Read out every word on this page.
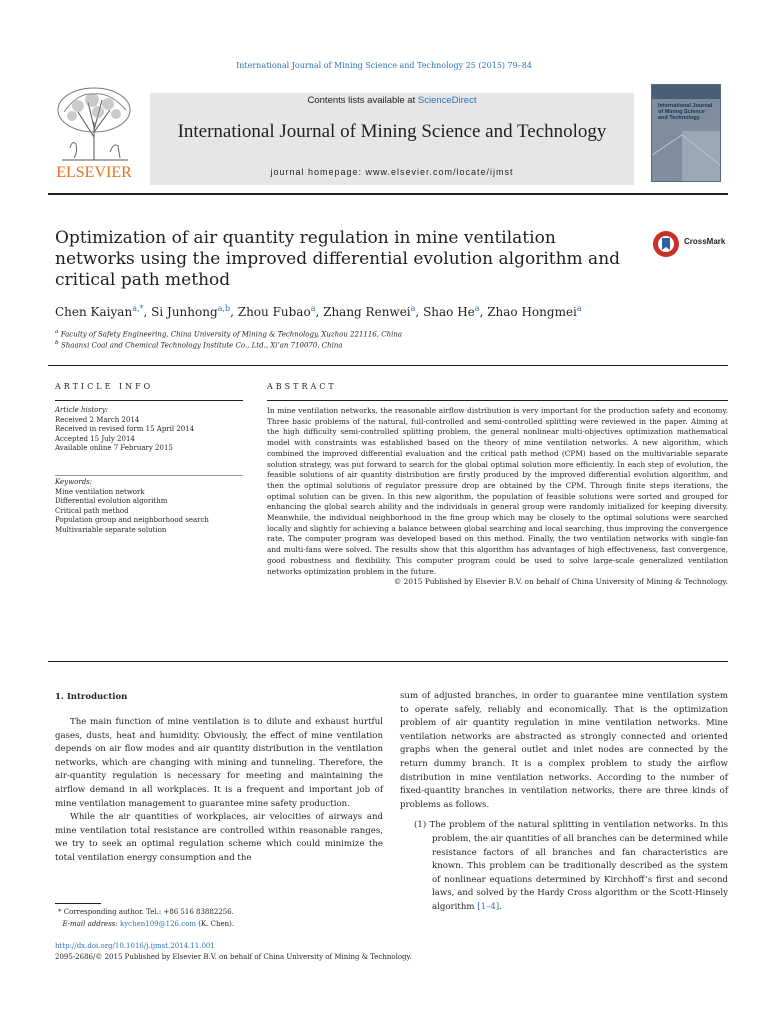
International Journal of Mining Science and Technology 25 (2015) 79–84
ELSEVIER
Contents lists available at ScienceDirect
International Journal of Mining Science and Technology
journal homepage: www.elsevier.com/locate/ijmst
International Journal of Mining Science and Technology
Optimization of air quantity regulation in mine ventilation networks using the improved differential evolution algorithm and critical path method
CrossMark
Chen Kaiyan$^{a,*}$, Si Junhong$^{a,b}$, Zhou Fubao$^a$, Zhang Renwei$^a$, Shao He$^a$, Zhao Hongmei$^a$
$^a$ Faculty of Safety Engineering, China University of Mining & Technology, Xuzhou 221116, China
$^b$ Shaanxi Coal and Chemical Technology Institute Co., Ltd., Xi’an 710070, China
ARTICLE INFO
Article history:
Received 2 March 2014
Received in revised form 15 April 2014
Accepted 15 July 2014
Available online 7 February 2015
Keywords:
Mine ventilation network
Differential evolution algorithm
Critical path method
Population group and neighborhood search
Multivariable separate solution
ABSTRACT
In mine ventilation networks, the reasonable airflow distribution is very important for the production safety and economy. Three basic problems of the natural, full-controlled and semi-controlled splitting were reviewed in the paper. Aiming at the high difficulty semi-controlled splitting problem, the general nonlinear multi-objectives optimization mathematical model with constraints was established based on the theory of mine ventilation networks. A new algorithm, which combined the improved differential evaluation and the critical path method (CPM) based on the multivariable separate solution strategy, was put forward to search for the global optimal solution more efficiently. In each step of evolution, the feasible solutions of air quantity distribution are firstly produced by the improved differential evolution algorithm, and then the optimal solutions of regulator pressure drop are obtained by the CPM. Through finite steps iterations, the optimal solution can be given. In this new algorithm, the population of feasible solutions were sorted and grouped for enhancing the global search ability and the individuals in general group were randomly initialized for keeping diversity. Meanwhile, the individual neighborhood in the fine group which may be closely to the optimal solutions were searched locally and slightly for achieving a balance between global searching and local searching, thus improving the convergence rate. The computer program was developed based on this method. Finally, the two ventilation networks with single-fan and multi-fans were solved. The results show that this algorithm has advantages of high effectiveness, fast convergence, good robustness and flexibility. This computer program could be used to solve large-scale generalized ventilation networks optimization problem in the future.
© 2015 Published by Elsevier B.V. on behalf of China University of Mining & Technology.
1. Introduction

The main function of mine ventilation is to dilute and exhaust hurtful gases, dusts, heat and humidity. Obviously, the effect of mine ventilation depends on air flow modes and air quantity distribution in the ventilation networks, which are changing with mining and tunneling. Therefore, the air-quantity regulation is necessary for meeting and maintaining the airflow demand in all workplaces. It is a frequent and important job of mine ventilation management to guarantee mine safety production.

While the air quantities of workplaces, air velocities of airways and mine ventilation total resistance are controlled within reasonable ranges, we try to seek an optimal regulation scheme which could minimize the total ventilation energy consumption and the

sum of adjusted branches, in order to guarantee mine ventilation system to operate safely, reliably and economically. That is the optimization problem of air quantity regulation in mine ventilation networks. Mine ventilation networks are abstracted as strongly connected and oriented graphs when the general outlet and inlet nodes are connected by the return dummy branch. It is a complex problem to study the airflow distribution in mine ventilation networks. According to the number of fixed-quantity branches in ventilation networks, there are three kinds of problems as follows.

(1) The problem of the natural splitting in ventilation networks. In this problem, the air quantities of all branches can be determined while resistance factors of all branches and fan characteristics are known. This problem can be traditionally described as the system of nonlinear equations determined by Kirchhoff’s first and second laws, and solved by the Hardy Cross algorithm or the Scott-Hinsely algorithm [1–4].

* Corresponding author. Tel.: +86 516 83882256.
E-mail address: kychen109@126.com (K. Chen).
http://dx.doi.org/10.1016/j.ijmst.2014.11.001
2095-2686/© 2015 Published by Elsevier B.V. on behalf of China University of Mining & Technology.
